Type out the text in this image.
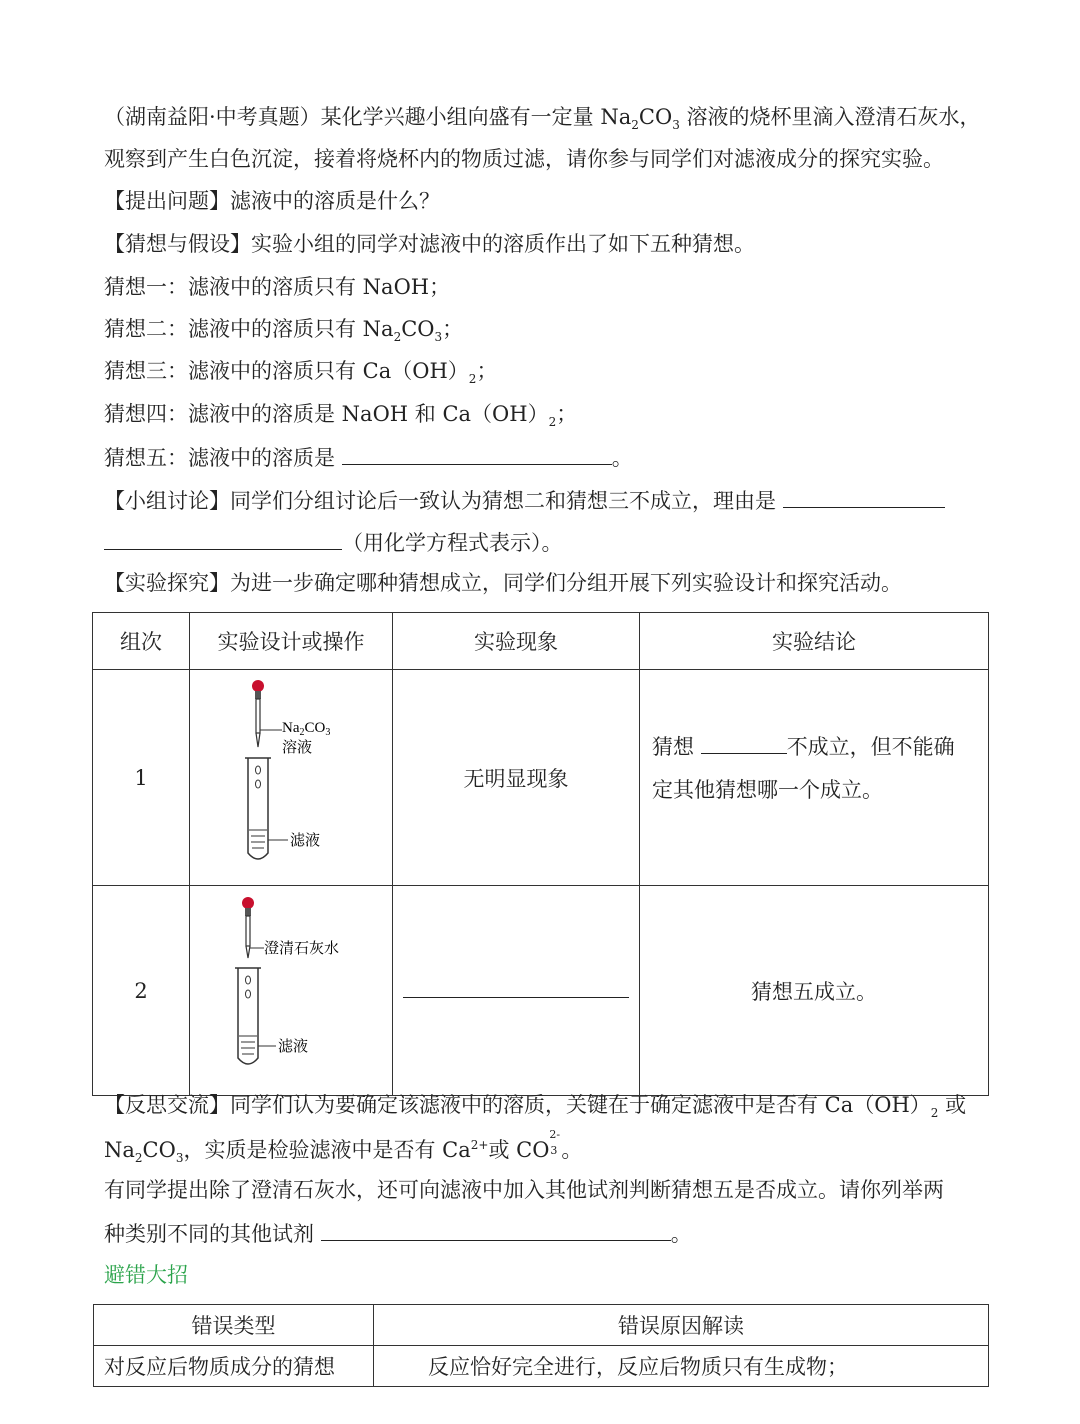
（湖南益阳·中考真题）某化学兴趣小组向盛有一定量 $Na_2CO_3$ 溶液的烧杯里滴入澄清石灰水，
观察到产生白色沉淀，接着将烧杯内的物质过滤，请你参与同学们对滤液成分的探究实验。
【提出问题】滤液中的溶质是什么？
【猜想与假设】实验小组的同学对滤液中的溶质作出了如下五种猜想。
猜想一：滤液中的溶质只有 NaOH；
猜想二：滤液中的溶质只有 $Na_2CO_3$；
猜想三：滤液中的溶质只有 $Ca(OH)_2$；
猜想四：滤液中的溶质是 NaOH 和 $Ca(OH)_2$；
猜想五：滤液中的溶质是	。
【小组讨论】同学们分组讨论后一致认为猜想二和猜想三不成立，理由是
（用化学方程式表示）。
【实验探究】为进一步确定哪种猜想成立，同学们分组开展下列实验设计和探究活动。
组次	实验设计或操作	实验现象	实验结论
1	$Na_2CO_3$
溶液
滤液	无明显现象	猜想 不成立，但不能确
定其他猜想哪一个成立。
2	澄清石灰水
滤液		猜想五成立。
【反思交流】同学们认为要确定该滤液中的溶质，关键在于确定滤液中是否有 $Ca(OH)_2$ 或
$Na_2CO_3$，实质是检验滤液中是否有 $Ca^{2+}$或 CO
2-
3 。
有同学提出除了澄清石灰水，还可向滤液中加入其他试剂判断猜想五是否成立。请你列举两
种类别不同的其他试剂	。
避错大招
错误类型	错误原因解读
对反应后物质成分的猜想	反应恰好完全进行，反应后物质只有生成物；
